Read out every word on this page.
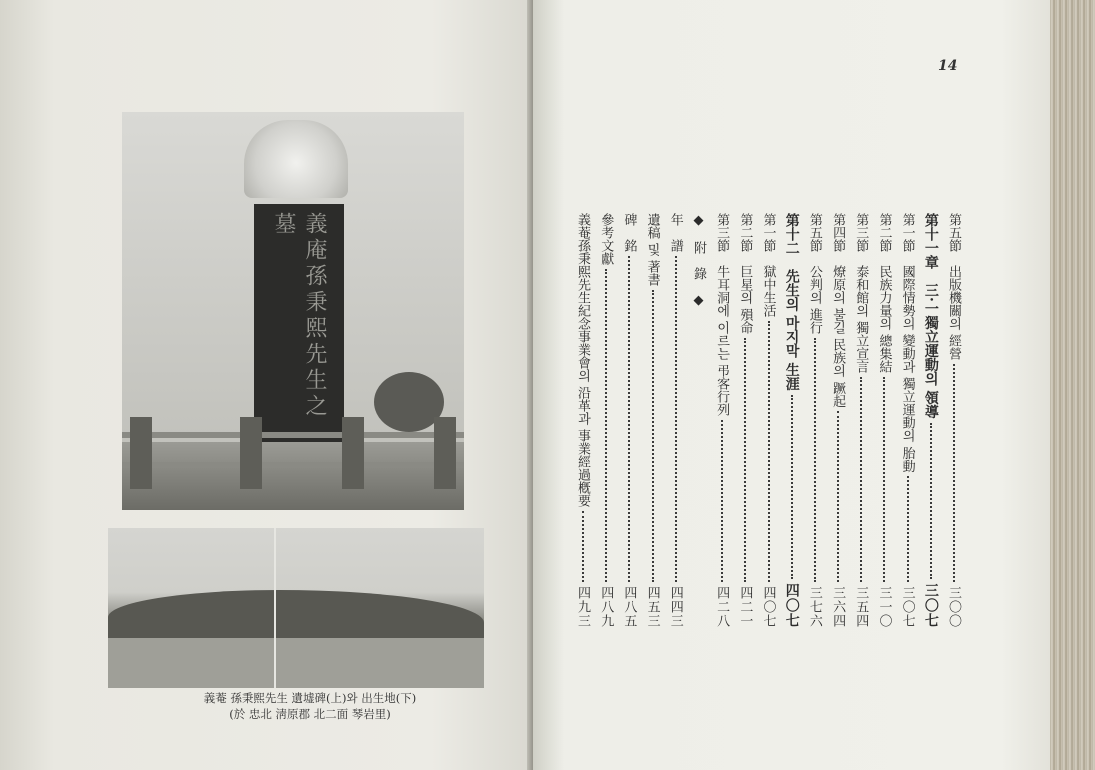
義庵孫秉熙先生之墓
義菴 孫秉熙先生 遺墟碑(上)와 出生地(下)
(於 忠北 淸原郡 北二面 琴岩里)
14
第五節　出版機關의 經營
三〇〇
第十一章　三·一獨立運動의 領導
三〇七
第一節　國際情勢의 變動과 獨立運動의 胎動
三〇七
第二節　民族力量의 總集結
三一〇
第三節　泰和館의 獨立宣言
三五四
第四節　燎原의 불길 民族의 蹶起
三六四
第五節　公判의 進行
三七六
第十二　先生의 마지막 生涯
四〇七
第一節　獄中生活
四〇七
第二節　巨星의 殞命
四二一
第三節　牛耳洞에 이르는 弔客行列
四二八
◆　附　錄　◆
年　譜
四四三
遺稿 및 著書
四五三
碑　銘
四八五
參考文獻
四八九
義菴孫秉熙先生紀念事業會의 沿革과 事業經過槪要
四九三
